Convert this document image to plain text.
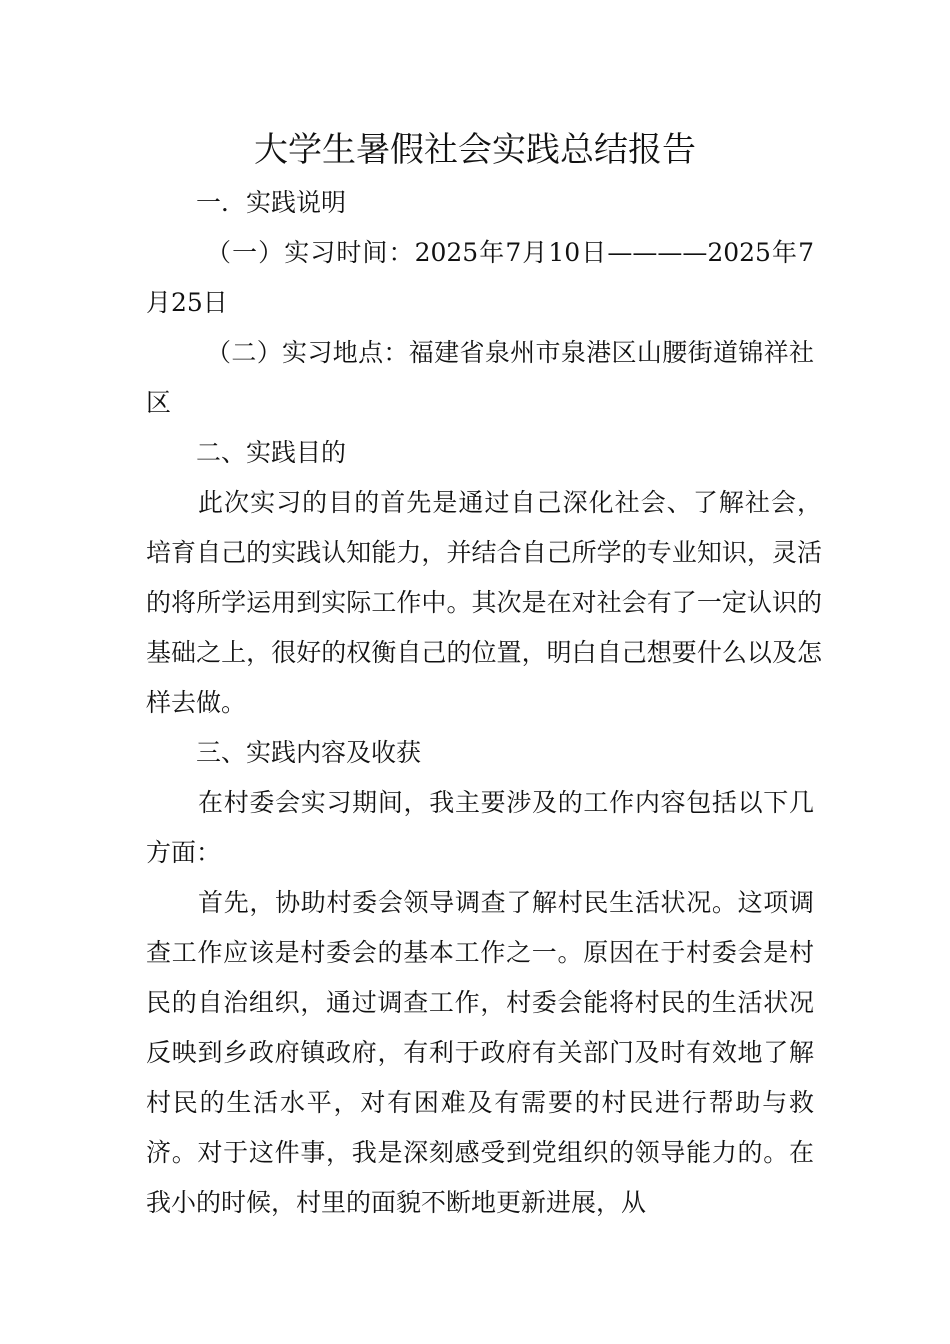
大学生暑假社会实践总结报告

一．实践说明

（一）实习时间：2025年7月10日————2025年7月25日

（二）实习地点：福建省泉州市泉港区山腰街道锦祥社区

二、实践目的

此次实习的目的首先是通过自己深化社会、了解社会，培育自己的实践认知能力，并结合自己所学的专业知识，灵活的将所学运用到实际工作中。其次是在对社会有了一定认识的基础之上，很好的权衡自己的位置，明白自己想要什么以及怎样去做。

三、实践内容及收获

在村委会实习期间，我主要涉及的工作内容包括以下几方面：

首先，协助村委会领导调查了解村民生活状况。这项调查工作应该是村委会的基本工作之一。原因在于村委会是村民的自治组织，通过调查工作，村委会能将村民的生活状况反映到乡政府镇政府，有利于政府有关部门及时有效地了解村民的生活水平，对有困难及有需要的村民进行帮助与救济。对于这件事，我是深刻感受到党组织的领导能力的。在我小的时候，村里的面貌不断地更新进展，从
